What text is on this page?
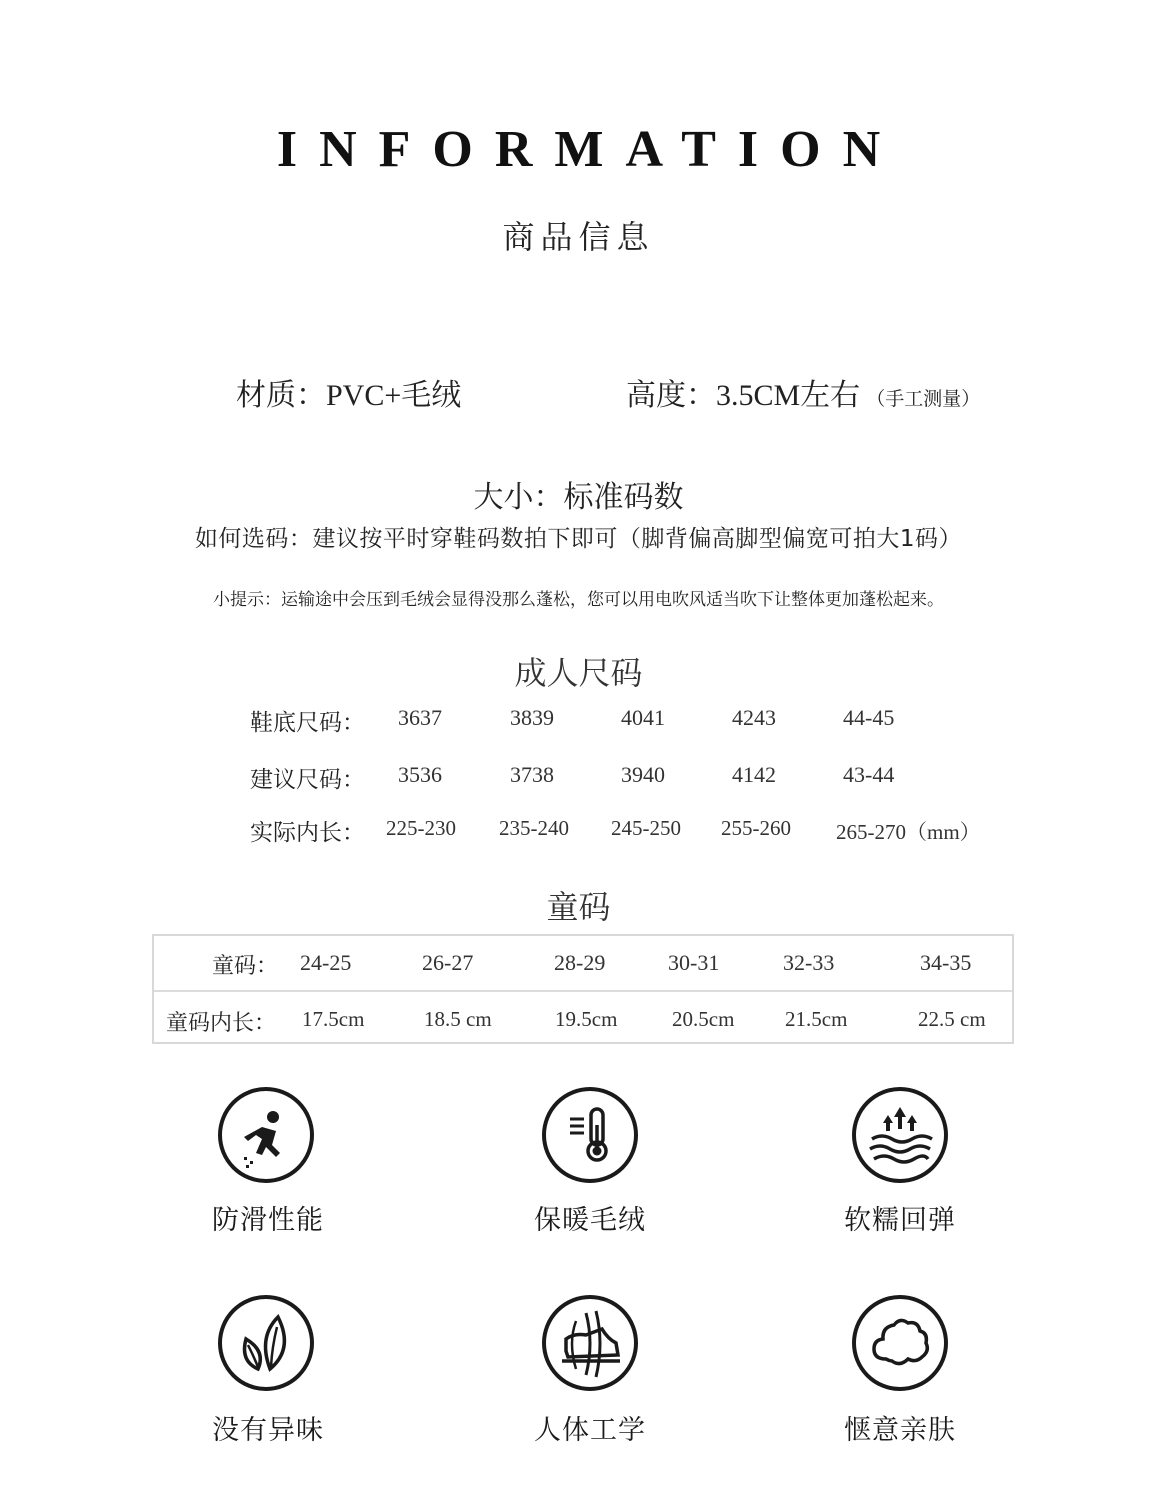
INFORMATION
商品信息
材质：PVC+毛绒	高度：3.5CM左右 （手工测量）
大小：标准码数
如何选码：建议按平时穿鞋码数拍下即可（脚背偏高脚型偏宽可拍大1码）
小提示：运输途中会压到毛绒会显得没那么蓬松，您可以用电吹风适当吹下让整体更加蓬松起来。
成人尺码
鞋底尺码： 3637	3839	4041	4243	44-45
建议尺码： 3536	3738	3940	4142	43-44
实际内长： 225-230 235-240 245-250 255-260 265-270（mm）
童码
童码： 24-25	26-27	28-29	30-31	32-33	34-35
童码内长： 17.5cm	18.5 cm	19.5cm	20.5cm 21.5cm	22.5 cm
防滑性能	保暖毛绒	软糯回弹
没有异味	人体工学	惬意亲肤
